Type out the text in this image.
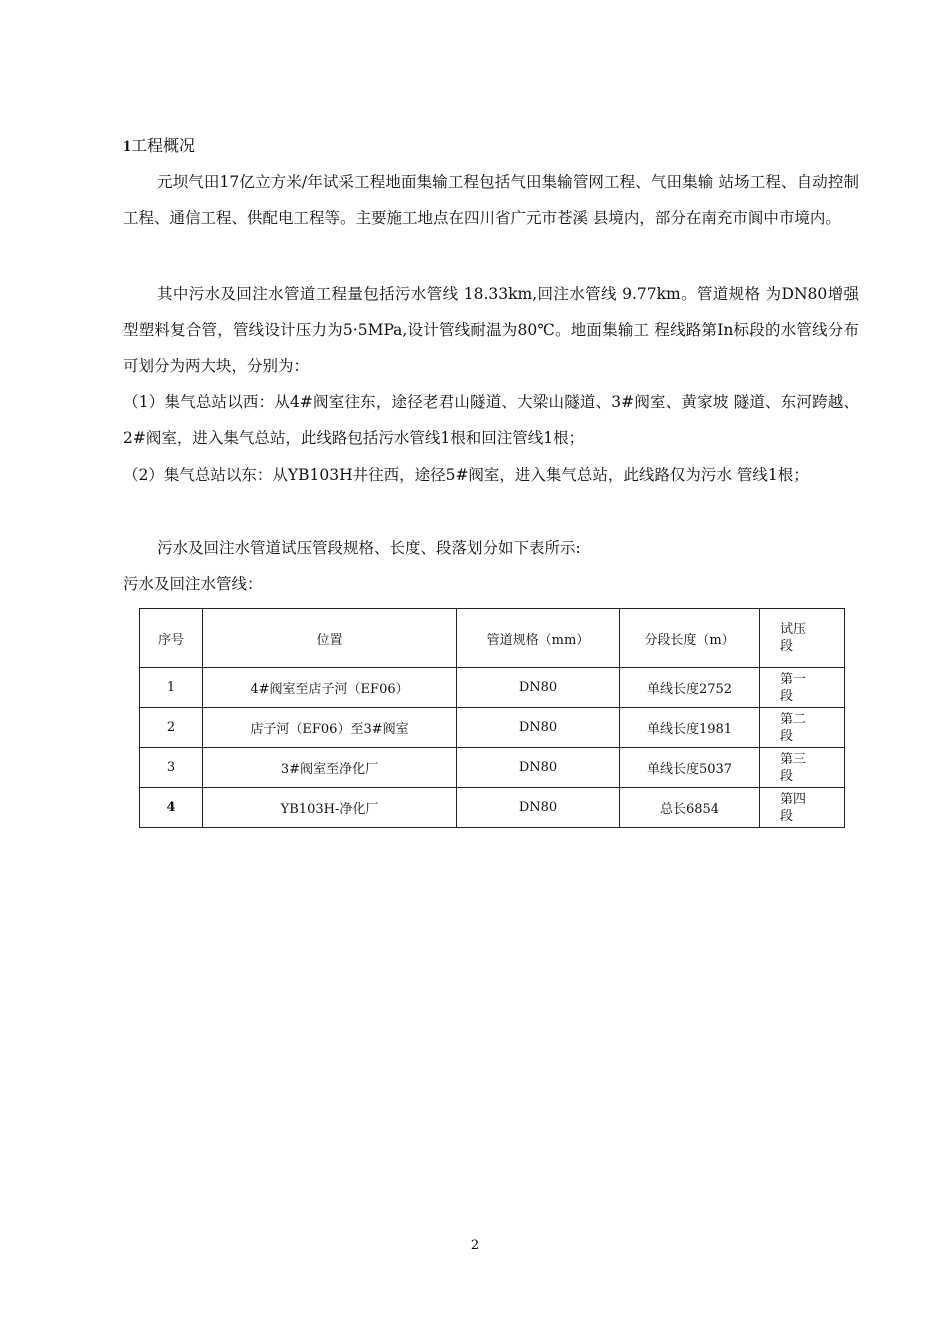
1工程概况
元坝气田17亿立方米/年试采工程地面集输工程包括气田集输管网工程、气田集输 站场工程、自动控制工程、通信工程、供配电工程等。主要施工地点在四川省广元市苍溪 县境内，部分在南充市阆中市境内。
其中污水及回注水管道工程量包括污水管线 18.33km,回注水管线 9.77km。管道规格 为DN80增强型塑料复合管，管线设计压力为5·5MPa,设计管线耐温为80℃。地面集输工 程线路第In标段的水管线分布可划分为两大块，分别为：
（1）集气总站以西：从4#阀室往东，途径老君山隧道、大梁山隧道、3#阀室、黄家坡 隧道、东河跨越、2#阀室，进入集气总站，此线路包括污水管线1根和回注管线1根；
（2）集气总站以东：从YB103H井往西，途径5#阀室，进入集气总站，此线路仅为污水 管线1根；
污水及回注水管道试压管段规格、长度、段落划分如下表所示:
污水及回注水管线：
序号	位置	管道规格（mm）	分段长度（m）	试压段

1	4#阀室至店子河（EF06）	DN80	单线长度2752	第一段

2	店子河（EF06）至3#阀室	DN80	单线长度1981	第二段

3	3#阀室至净化厂	DN80	单线长度5037	第三段

4	YB103H-净化厂	DN80	总长6854	第四段
2
